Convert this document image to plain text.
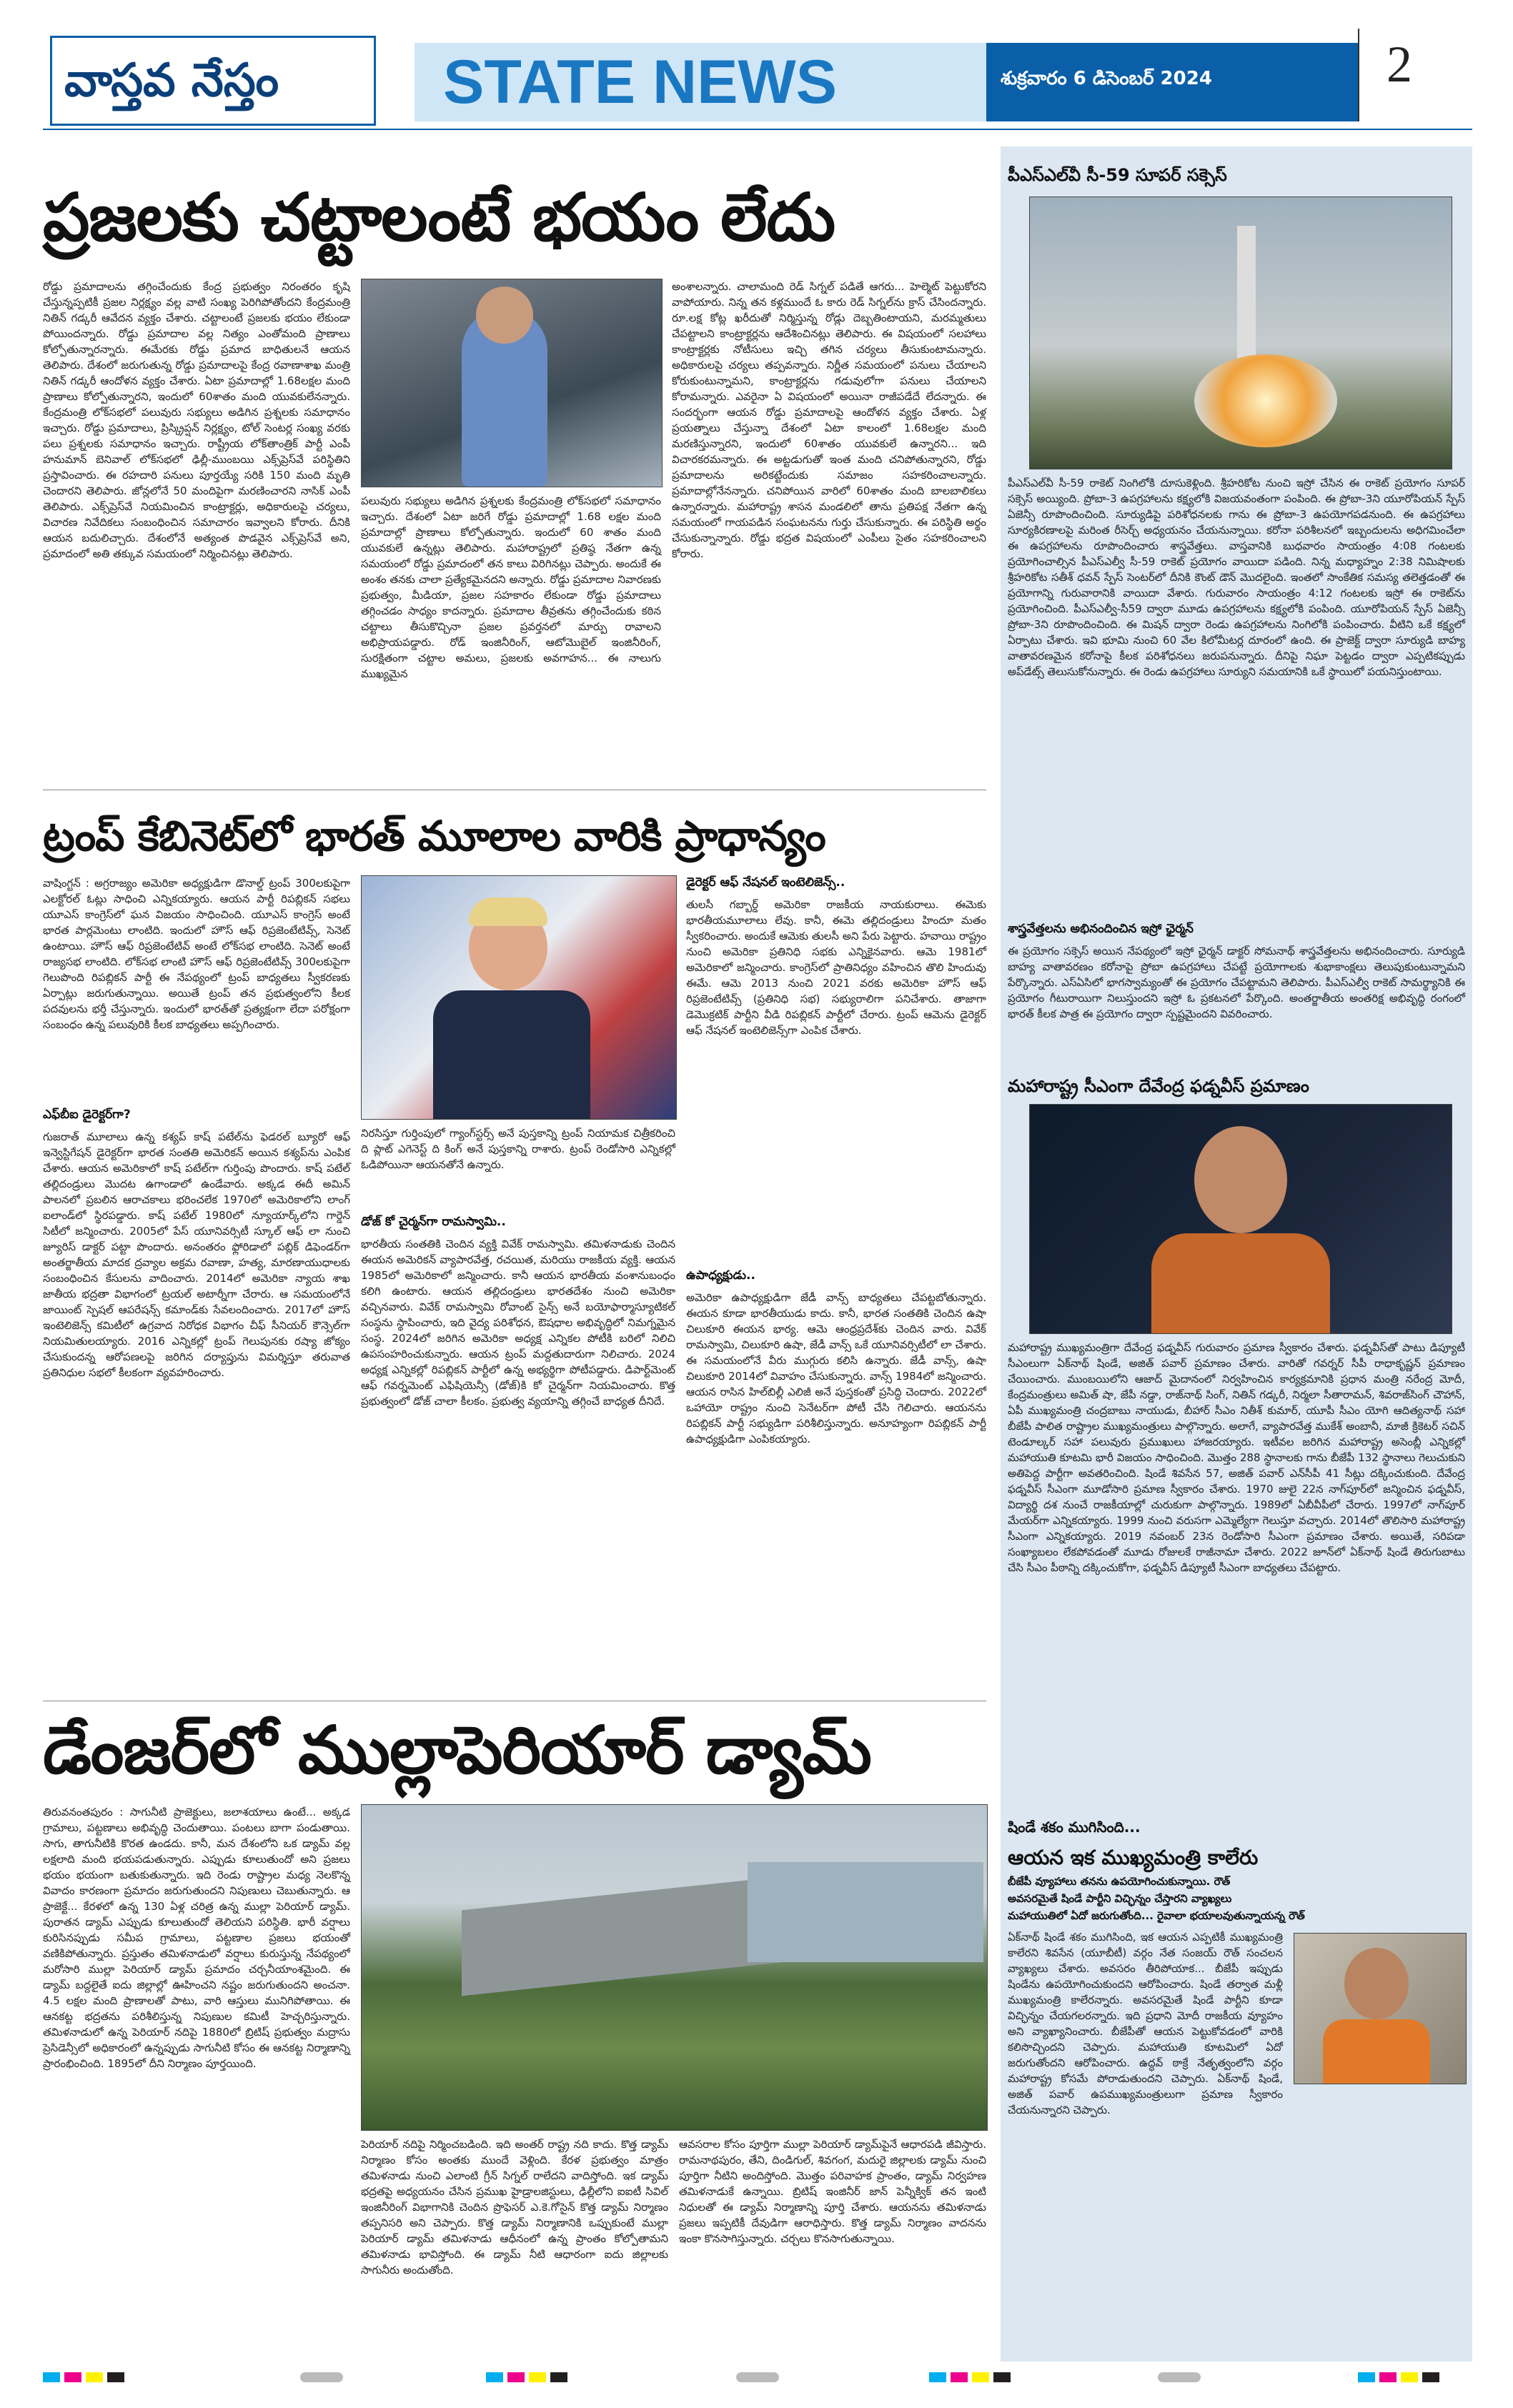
వాస్తవ నేస్తం	STATE NEWS	శుక్రవారం 6 డిసెంబర్ 2024	2
ప్రజలకు చట్టాలంటే భయం లేదు
రోడ్డు ప్రమాదాలను తగ్గించేందుకు కేంద్ర ప్రభుత్వం నిరంతరం కృషి చేస్తున్నప్పటికీ ప్రజల నిర్లక్ష్యం వల్ల వాటి సంఖ్య పెరిగిపోతోందని కేంద్రమంత్రి నితిన్ గడ్కరీ ఆవేదన వ్యక్తం చేశారు. చట్టాలంటే ప్రజలకు భయం లేకుండా పోయిందన్నారు. రోడ్డు ప్రమాదాల వల్ల నిత్యం ఎంతోమంది ప్రాణాలు కోల్పోతున్నారన్నారు. ఈమేరకు రోడ్డు ప్రమాద బాధితులనే ఆయన తెలిపారు. దేశంలో జరుగుతున్న రోడ్డు ప్రమాదాలపై కేంద్ర రవాణాశాఖ మంత్రి నితిన్ గడ్కరీ ఆందోళన వ్యక్తం చేశారు. ఏటా ప్రమాదాల్లో 1.68లక్షల మంది ప్రాణాలు కోల్పోతున్నారని, ఇందులో 60శాతం మంది యువకులేనన్నారు. కేంద్రమంత్రి లోక్‌సభలో పలువురు సభ్యులు అడిగిన ప్రశ్నలకు సమాధానం ఇచ్చారు. రోడ్డు ప్రమాదాలు, ప్రిస్క్రిప్షన్ నిర్లక్ష్యం, టోల్ సెంటర్ల సంఖ్య వరకు పలు ప్రశ్నలకు సమాధానం ఇచ్చారు. రాష్ట్రీయ లోక్‌తాంత్రిక్ పార్టీ ఎంపీ హనుమాన్ బెనివాల్ లోక్‌సభలో ఢిల్లీ-ముంబయి ఎక్స్‌ప్రెస్‌వే పరిస్థితిని ప్రస్తావించారు. ఈ రహదారి పనులు పూర్తయ్యే సరికి 150 మంది మృతి చెందారని తెలిపారు. జోన్లలోనే 50 మందిపైగా మరణించారని నాసిక్ ఎంపీ తెలిపారు. ఎక్స్‌ప్రెస్‌వే నియమించిన కాంట్రాక్టర్లు, అధికారులపై చర్యలు, విచారణ నివేదికలు సంబంధించిన సమాచారం ఇవ్వాలని కోరారు. దీనికి ఆయన బదులిచ్చారు. దేశంలోనే అత్యంత పొడవైన ఎక్స్‌ప్రెస్‌వే అని, ప్రమాదంలో అతి తక్కువ సమయంలో నిర్మించినట్లు తెలిపారు.
పలువురు సభ్యులు అడిగిన ప్రశ్నలకు కేంద్రమంత్రి లోక్‌సభలో సమాధానం ఇచ్చారు. దేశంలో ఏటా జరిగే రోడ్డు ప్రమాదాల్లో 1.68 లక్షల మంది ప్రమాదాల్లో ప్రాణాలు కోల్పోతున్నారు. ఇందులో 60 శాతం మంది యువకులే ఉన్నట్లు తెలిపారు. మహారాష్ట్రలో ప్రతిష్ఠ నేతగా ఉన్న సమయంలో రోడ్డు ప్రమాదంలో తన కాలు విరిగినట్లు చెప్పారు. అందుకే ఈ అంశం తనకు చాలా ప్రత్యేకమైనదని అన్నారు. రోడ్డు ప్రమాదాల నివారణకు ప్రభుత్వం, మీడియా, ప్రజల సహకారం లేకుండా రోడ్డు ప్రమాదాలు తగ్గించడం సాధ్యం కాదన్నారు. ప్రమాదాల తీవ్రతను తగ్గించేందుకు కఠిన చట్టాలు తీసుకొచ్చినా ప్రజల ప్రవర్తనలో మార్పు రావాలని అభిప్రాయపడ్డారు. రోడ్ ఇంజినీరింగ్, ఆటోమొబైల్ ఇంజినీరింగ్, సురక్షితంగా చట్టాల అమలు, ప్రజలకు అవగాహన... ఈ నాలుగు ముఖ్యమైన
అంశాలన్నారు. చాలామంది రెడ్ సిగ్నల్ పడితే ఆగరు... హెల్మెట్ పెట్టుకోరని వాపోయారు. నిన్న తన కళ్లముందే ఓ కారు రెడ్ సిగ్నల్‌ను క్రాస్ చేసిందన్నారు. రూ.లక్ష కోట్ల ఖరీదుతో నిర్మిస్తున్న రోడ్లు దెబ్బతింటాయని, మరమ్మతులు చేపట్టాలని కాంట్రాక్టర్లను ఆదేశించినట్లు తెలిపారు. ఈ విషయంలో సలహాలు కాంట్రాక్టర్లకు నోటీసులు ఇచ్చి తగిన చర్యలు తీసుకుంటామన్నారు. అధికారులపై చర్యలు తప్పవన్నారు. నిర్ణీత సమయంలో పనులు చేయాలని కోరుకుంటున్నామని, కాంట్రాక్టర్లను గడువులోగా పనులు చేయాలని కోరామన్నారు. ఎవరైనా ఏ విషయంలో అయినా రాజీపడేదే లేదన్నారు. ఈ సందర్భంగా ఆయన రోడ్డు ప్రమాదాలపై ఆందోళన వ్యక్తం చేశారు. ఏళ్ల ప్రయత్నాలు చేస్తున్నా దేశంలో ఏటా కాలంలో 1.68లక్షల మంది మరణిస్తున్నారని, ఇందులో 60శాతం యువకులే ఉన్నారని... ఇది విచారకరమన్నారు. ఈ అట్టడుగుతో ఇంత మంది చనిపోతున్నారని, రోడ్డు ప్రమాదాలను అరికట్టేందుకు సమాజం సహకరించాలన్నారు. ప్రమాదాల్లోనేనన్నారు. చనిపోయిన వారిలో 60శాతం మంది బాలబాలికలు ఉన్నారన్నారు. మహారాష్ట్ర శాసన మండలిలో తాను ప్రతిపక్ష నేతగా ఉన్న సమయంలో గాయపడిన సంఘటనను గుర్తు చేసుకున్నారు. ఈ పరిస్థితి అర్థం చేసుకున్నాన్నారు. రోడ్డు భద్రత విషయంలో ఎంపీలు సైతం సహకరించాలని కోరారు.
ట్రంప్ కేబినెట్‌లో భారత్ మూలాల వారికి ప్రాధాన్యం
వాషింగ్టన్ : అగ్రరాజ్యం అమెరికా అధ్యక్షుడిగా డొనాల్డ్ ట్రంప్ 300లకుపైగా ఎలక్టోరల్ ఓట్లు సాధించి ఎన్నికయ్యారు. ఆయన పార్టీ రిపబ్లికన్ సభలు యూఎస్ కాంగ్రెస్‌లో ఘన విజయం సాధించింది. యూఎస్ కాంగ్రెస్ అంటే భారత పార్లమెంటు లాంటిది. ఇందులో హౌస్ ఆఫ్ రిప్రజెంటేటివ్స్, సెనెట్ ఉంటాయి. హౌస్ ఆఫ్ రిప్రజెంటేటివ్ అంటే లోక్‌సభ లాంటిది. సెనెట్ అంటే రాజ్యసభ లాంటిది. లోక్‌సభ లాంటి హౌస్ ఆఫ్ రిప్రజెంటేటివ్స్ 300లకుపైగా గెలుపొంది రిపబ్లికన్ పార్టీ ఈ నేపథ్యంలో ట్రంప్ బాధ్యతలు స్వీకరణకు ఏర్పాట్లు జరుగుతున్నాయి. అయితే ట్రంప్ తన ప్రభుత్వంలోని కీలక పదవులను భర్తీ చేస్తున్నారు. ఇందులో భారత్‌తో ప్రత్యక్షంగా లేదా పరోక్షంగా సంబంధం ఉన్న పలువురికి కీలక బాధ్యతలు అప్పగించారు.
ఎఫ్‌బీఐ డైరెక్టర్‌గా?
గుజరాత్ మూలాలు ఉన్న కశ్యప్ కాష్ పటేల్‌ను ఫెడరల్ బ్యూరో ఆఫ్ ఇన్వెస్టిగేషన్ డైరెక్టర్‌గా భారత సంతతి అమెరికన్ అయిన కశ్యప్‌ను ఎంపిక చేశారు. ఆయన అమెరికాలో కాష్ పటేల్‌గా గుర్తింపు పొందారు. కాష్ పటేల్ తల్లిదండ్రులు మొదట ఉగాండాలో ఉండేవారు. అక్కడ ఈదీ అమిన్ పాలనలో ప్రబలిన ఆరాచకాలు భరించలేక 1970లో అమెరికాలోని లాంగ్ ఐలాండ్‌లో స్థిరపడ్డారు. కాష్ పటేల్ 1980లో న్యూయార్క్‌లోని గార్డెన్ సిటీలో జన్మించారు. 2005లో పేస్ యూనివర్సిటీ స్కూల్ ఆఫ్ లా నుంచి జ్యూరిస్ డాక్టర్ పట్టా పొందారు. అనంతరం ఫ్లోరిడాలో పబ్లిక్ డిఫెండర్‌గా అంతర్జాతీయ మాదక ద్రవ్యాల అక్రమ రవాణా, హత్య, మారణాయుధాలకు సంబంధించిన కేసులను వాదించారు. 2014లో అమెరికా న్యాయ శాఖ జాతీయ భద్రతా విభాగంలో ట్రయల్ అటార్నీగా చేరారు. ఆ సమయంలోనే జాయింట్ స్పెషల్ ఆపరేషన్స్ కమాండ్‌కు సేవలందించారు. 2017లో హౌస్ ఇంటెలిజెన్స్ కమిటీలో ఉగ్రవాద నిరోధక విభాగం చీఫ్ సీనియర్ కౌన్సెల్‌గా నియమితులయ్యారు. 2016 ఎన్నికల్లో ట్రంప్ గెలుపునకు రష్యా జోక్యం చేసుకుందన్న ఆరోపణలపై జరిగిన దర్యాప్తును విమర్శిస్తూ తరువాత ప్రతినిధుల సభలో కీలకంగా వ్యవహరించారు.
నిరసిస్తూ గుర్తింపులో గ్యాంగ్‌స్టర్స్ అనే పుస్తకాన్ని ట్రంప్ నియామక చిత్రీకరించి ది ప్లాట్ ఎగెనెస్ట్ ది కింగ్ అనే పుస్తకాన్ని రాశారు. ట్రంప్ రెండోసారి ఎన్నికల్లో ఓడిపోయినా ఆయనతోనే ఉన్నారు.
డోజ్ కో చైర్మన్‌గా రామస్వామి..
భారతీయ సంతతికి చెందిన వ్యక్తి వివేక్ రామస్వామి. తమిళనాడుకు చెందిన ఈయన అమెరికన్ వ్యాపారవేత్త, రచయిత, మరియు రాజకీయ వ్యక్తి. ఆయన 1985లో అమెరికాలో జన్మించారు. కానీ ఆయన భారతీయ వంశానుబంధం కలిగి ఉంటారు. ఆయన తల్లిదండ్రులు భారతదేశం నుంచి అమెరికా వచ్చినవారు. వివేక్ రామస్వామి రోవాంట్ సైన్స్ అనే బయోఫార్మాస్యూటికల్ సంస్థను స్థాపించారు, ఇది వైద్య పరిశోధన, ఔషధాల అభివృద్ధిలో నిమగ్నమైన సంస్థ. 2024లో జరిగిన అమెరికా అధ్యక్ష ఎన్నికల పోటీకి బరిలో నిలిచి ఉపసంహరించుకున్నారు. ఆయన ట్రంప్ మద్దతుదారుగా నిలిచారు. 2024 అధ్యక్ష ఎన్నికల్లో రిపబ్లికన్ పార్టీలో ఉన్న అభ్యర్థిగా పోటీపడ్డారు. డిపార్ట్‌మెంట్ ఆఫ్ గవర్నమెంట్ ఎఫిషియెన్సీ (డోజ్)కి కో చైర్మన్‌గా నియమించారు. కొత్త ప్రభుత్వంలో డోజ్ చాలా కీలకం. ప్రభుత్వ వ్యయాన్ని తగ్గించే బాధ్యత దీనిదే.
డైరెక్టర్ ఆఫ్ నేషనల్ ఇంటెలిజెన్స్..
తులసీ గబ్బార్డ్ అమెరికా రాజకీయ నాయకురాలు. ఈమెకు భారతీయమూలాలు లేవు. కానీ, ఈమె తల్లిదండ్రులు హిందూ మతం స్వీకరించారు. అందుకే ఆమెకు తులసీ అని పేరు పెట్టారు. హవాయి రాష్ట్రం నుంచి అమెరికా ప్రతినిధి సభకు ఎన్నికైనవారు. ఆమె 1981లో అమెరికాలో జన్మించారు. కాంగ్రెస్‌లో ప్రాతినిధ్యం వహించిన తొలి హిందువు ఈమే. ఆమె 2013 నుంచి 2021 వరకు అమెరికా హౌస్ ఆఫ్ రిప్రజెంటేటివ్స్ (ప్రతినిధి సభ) సభ్యురాలిగా పనిచేశారు. తాజాగా డెమొక్రటిక్ పార్టీని వీడి రిపబ్లికన్ పార్టీలో చేరారు. ట్రంప్ ఆమెను డైరెక్టర్ ఆఫ్ నేషనల్ ఇంటెలిజెన్స్‌గా ఎంపిక చేశారు.
ఉపాధ్యక్షుడు..
అమెరికా ఉపాధ్యక్షుడిగా జేడీ వాన్స్ బాధ్యతలు చేపట్టబోతున్నారు. ఈయన కూడా భారతీయుడు కాదు. కానీ, భారత సంతతికి చెందిన ఉషా చిలుకూరి ఈయన భార్య. ఆమె ఆంధ్రప్రదేశ్‌కు చెందిన వారు. వివేక్ రామస్వామి, చిలుకూరి ఉషా, జేడీ వాన్స్ ఒకే యూనివర్సిటీలో లా చేశారు. ఈ సమయంలోనే వీరు ముగ్గురు కలిసి ఉన్నారు. జేడీ వాన్స్, ఉషా చిలుకూరి 2014లో వివాహం చేసుకున్నారు. వాన్స్ 1984లో జన్మించారు. ఆయన రాసిన హిల్‌బిల్లీ ఎలిజీ అనే పుస్తకంతో ప్రసిద్ధి చెందారు. 2022లో ఒహాయో రాష్ట్రం నుంచి సెనేటర్‌గా పోటీ చేసి గెలిచారు. ఆయనను రిపబ్లికన్ పార్టీ సభ్యుడిగా పరిశీలిస్తున్నారు. అనూహ్యంగా రిపబ్లికన్ పార్టీ ఉపాధ్యక్షుడిగా ఎంపికయ్యారు.
డేంజర్‌లో ముల్లాపెరియార్ డ్యామ్
తిరువనంతపురం : సాగునీటి ప్రాజెక్టులు, జలాశయాలు ఉంటే... అక్కడ గ్రామాలు, పట్టణాలు అభివృద్ధి చెందుతాయి. పంటలు బాగా పండుతాయి. సాగు, తాగునీటికి కొరత ఉండదు. కానీ, మన దేశంలోని ఒక డ్యామ్ వల్ల లక్షలాది మంది భయపడుతున్నారు. ఎప్పుడు కూలుతుందో అని ప్రజలు భయం భయంగా బతుకుతున్నారు. ఇది రెండు రాష్ట్రాల మధ్య నెలకొన్న వివాదం కారణంగా ప్రమాదం జరుగుతుందని నిపుణులు చెబుతున్నారు. ఆ ప్రాజెక్టే... కేరళలో ఉన్న 130 ఏళ్ల చరిత్ర ఉన్న ముల్లా పెరియార్ డ్యామ్. పురాతన డ్యామ్ ఎప్పుడు కూలుతుందో తెలియని పరిస్థితి. భారీ వర్షాలు కురిసినప్పుడు సమీప గ్రామాలు, పట్టణాల ప్రజలు భయంతో వణికిపోతున్నారు. ప్రస్తుతం తమిళనాడులో వర్షాలు కురుస్తున్న నేపథ్యంలో మరోసారి ముల్లా పెరియార్ డ్యామ్ ప్రమాదం చర్చనీయాంశమైంది. ఈ డ్యామ్ బద్దలైతే ఐదు జిల్లాల్లో ఊహించని నష్టం జరుగుతుందని అంచనా. 4.5 లక్షల మంది ప్రాణాలతో పాటు, వారి ఆస్తులు మునిగిపోతాయి. ఈ ఆనకట్ట భద్రతను పరిశీలిస్తున్న నిపుణుల కమిటీ హెచ్చరిస్తున్నారు. తమిళనాడులో ఉన్న పెరియార్ నదిపై 1880లో బ్రిటిష్ ప్రభుత్వం మద్రాసు ప్రెసిడెన్సీలో అధికారంలో ఉన్నప్పుడు సాగునీటి కోసం ఈ ఆనకట్ట నిర్మాణాన్ని ప్రారంభించింది. 1895లో దీని నిర్మాణం పూర్తయింది.
పెరియార్ నదిపై నిర్మించబడింది. ఇది అంతర్ రాష్ట్ర నది కాదు. కొత్త డ్యామ్ నిర్మాణం కోసం అంతకు ముందే వెళ్లింది. కేరళ ప్రభుత్వం మాత్రం తమిళనాడు నుంచి ఎలాంటి గ్రీన్ సిగ్నల్ రాలేదని వాదిస్తోంది. ఇక డ్యామ్ భద్రతపై అధ్యయనం చేసిన ప్రముఖ హైడ్రాలజిస్టులు, ఢిల్లీలోని ఐఐటీ సివిల్ ఇంజినీరింగ్ విభాగానికి చెందిన ప్రొఫెసర్ ఎ.కె.గోసైన్ కొత్త డ్యామ్ నిర్మాణం తప్పనిసరి అని చెప్పారు. కొత్త డ్యామ్ నిర్మాణానికి ఒప్పుకుంటే ముల్లా పెరియార్ డ్యామ్ తమిళనాడు ఆధీనంలో ఉన్న ప్రాంతం కోల్పోతామని తమిళనాడు భావిస్తోంది. ఈ డ్యామ్ నీటి ఆధారంగా ఐదు జిల్లాలకు సాగునీరు అందుతోంది.
ఆవసరాల కోసం పూర్తిగా ముల్లా పెరియార్ డ్యామ్‌పైనే ఆధారపడి జీవిస్తారు. రామనాథపురం, తేని, దిండిగుల్, శివగంగ, మదురై జిల్లాలకు డ్యామ్ నుంచి పూర్తిగా నీటిని అందిస్తోంది. మొత్తం పరివాహక ప్రాంతం, డ్యామ్ నిర్వహణ తమిళనాడుకే ఉన్నాయి. బ్రిటిష్ ఇంజినీర్ జాన్ పెన్నీక్విక్ తన ఇంటి నిధులతో ఈ డ్యామ్ నిర్మాణాన్ని పూర్తి చేశారు. ఆయనను తమిళనాడు ప్రజలు ఇప్పటికీ దేవుడిగా ఆరాధిస్తారు. కొత్త డ్యామ్ నిర్మాణం వాదనను ఇంకా కొనసాగిస్తున్నారు. చర్చలు కొనసాగుతున్నాయి.
పీఎస్ఎల్‌వీ సీ-59 సూపర్ సక్సెస్
పీఎస్ఎల్‌వీ సీ-59 రాకెట్ నింగిలోకి దూసుకెళ్లింది. శ్రీహరికోట నుంచి ఇస్రో చేసిన ఈ రాకెట్ ప్రయోగం సూపర్ సక్సెస్ అయ్యింది. ప్రోబా-3 ఉపగ్రహాలను కక్ష్యలోకి విజయవంతంగా పంపింది. ఈ ప్రోబా-3ని యూరోపియన్ స్పేస్ ఏజెన్సీ రూపొందించింది. సూర్యుడిపై పరిశోధనలకు గాను ఈ ప్రోబా-3 ఉపయోగపడనుంది. ఈ ఉపగ్రహాలు సూర్యకిరణాలపై మరింత రీసెర్చ్ అధ్యయనం చేయనున్నాయి. కరోనా పరిశీలనలో ఇబ్బందులను అధిగమించేలా ఈ ఉపగ్రహాలను రూపొందించారు శాస్త్రవేత్తలు. వాస్తవానికి బుధవారం సాయంత్రం 4:08 గంటలకు ప్రయోగించాల్సిన పీఎస్ఎల్వీ సీ-59 రాకెట్ ప్రయోగం వాయిదా పడింది. నిన్న మధ్యాహ్నం 2:38 నిమిషాలకు శ్రీహరికోట సతీశ్ ధవన్ స్పేస్ సెంటర్‌లో దీనికి కౌంట్ డౌన్ మొదలైంది. ఇంతలో సాంకేతిక సమస్య తలెత్తడంతో ఈ ప్రయోగాన్ని గురువారానికి వాయిదా వేశారు. గురువారం సాయంత్రం 4:12 గంటలకు ఇస్రో ఈ రాకెట్‌ను ప్రయోగించింది. పీఎస్ఎల్వీ-సీ59 ద్వారా మూడు ఉపగ్రహాలను కక్ష్యలోకి పంపింది. యూరోపియన్ స్పేస్ ఏజెన్సీ ప్రోబా-3ని రూపొందించింది. ఈ మిషన్ ద్వారా రెండు ఉపగ్రహాలను నింగిలోకి పంపించారు. వీటిని ఒకే కక్ష్యలో ఏర్పాటు చేశారు. ఇవి భూమి నుంచి 60 వేల కిలోమీటర్ల దూరంలో ఉంది. ఈ ప్రాజెక్ట్ ద్వారా సూర్యుడి బాహ్య వాతావరణమైన కరోనాపై కీలక పరిశోధనలు జరుపనున్నారు. దీనిపై నిఘా పెట్టడం ద్వారా ఎప్పటికప్పుడు అప్‌డేట్స్ తెలుసుకోనున్నారు. ఈ రెండు ఉపగ్రహాలు సూర్యుని సమయానికి ఒకే స్థాయిలో పయనిస్తుంటాయి.
శాస్త్రవేత్తలను అభినందించిన ఇస్రో ఛైర్మన్
ఈ ప్రయోగం సక్సెస్ అయిన నేపథ్యంలో ఇస్రో ఛైర్మన్ డాక్టర్ సోమనాథ్ శాస్త్రవేత్తలను అభినందించారు. సూర్యుడి బాహ్య వాతావరణం కరోనాపై ప్రోబా ఉపగ్రహాలు చేపట్టే ప్రయోగాలకు శుభాకాంక్షలు తెలుపుకుంటున్నామని పేర్కొన్నారు. ఎస్ఏసిలో భాగస్వామ్యంతో ఈ ప్రయోగం చేపట్టామని తెలిపారు. పీఎస్ఎల్వీ రాకెట్ సామర్థ్యానికి ఈ ప్రయోగం గీటురాయిగా నిలుస్తుందని ఇస్రో ఓ ప్రకటనలో పేర్కొంది. అంతర్జాతీయ అంతరిక్ష అభివృద్ధి రంగంలో భారత్ కీలక పాత్ర ఈ ప్రయోగం ద్వారా స్పష్టమైందని వివరించారు.
మహారాష్ట్ర సీఎంగా దేవేంద్ర ఫడ్నవీస్ ప్రమాణం
మహారాష్ట్ర ముఖ్యమంత్రిగా దేవేంద్ర ఫడ్నవీస్ గురువారం ప్రమాణ స్వీకారం చేశారు. ఫడ్నవీస్‌తో పాటు డిప్యూటీ సీఎంలుగా ఏక్‌నాథ్ షిండే, అజిత్ పవార్ ప్రమాణం చేశారు. వారితో గవర్నర్ సీపీ రాధాకృష్ణన్ ప్రమాణం చేయించారు. ముంబయిలోని ఆజాద్ మైదానంలో నిర్వహించిన కార్యక్రమానికి ప్రధాన మంత్రి నరేంద్ర మోదీ, కేంద్రమంత్రులు అమిత్ షా, జేపీ నడ్డా, రాజ్‌నాథ్ సింగ్, నితిన్ గడ్కరీ, నిర్మలా సీతారామన్, శివరాజ్‌సింగ్ చౌహాన్, ఏపీ ముఖ్యమంత్రి చంద్రబాబు నాయుడు, బీహార్ సీఎం నితీశ్ కుమార్, యూపీ సీఎం యోగి ఆదిత్యనాథ్ సహా బీజేపీ పాలిత రాష్ట్రాల ముఖ్యమంత్రులు పాల్గొన్నారు. అలాగే, వ్యాపారవేత్త ముకేశ్ అంబానీ, మాజీ క్రికెటర్ సచిన్ టెండూల్కర్ సహా పలువురు ప్రముఖులు హాజరయ్యారు. ఇటీవల జరిగిన మహారాష్ట్ర అసెంబ్లీ ఎన్నికల్లో మహాయుతి కూటమి భారీ విజయం సాధించింది. మొత్తం 288 స్థానాలకు గాను బీజేపీ 132 స్థానాలు గెలుచుకుని అతిపెద్ద పార్టీగా అవతరించింది. షిండే శివసేన 57, అజిత్ పవార్ ఎన్‌సీపీ 41 సీట్లు దక్కించుకుంది. దేవేంద్ర ఫడ్నవీస్ సీఎంగా మూడోసారి ప్రమాణ స్వీకారం చేశారు. 1970 జులై 22న నాగ్‌పూర్‌లో జన్మించిన ఫడ్నవీస్, విద్యార్థి దశ నుంచే రాజకీయాల్లో చురుకుగా పాల్గొన్నారు. 1989లో ఏబీవీపీలో చేరారు. 1997లో నాగ్‌పూర్ మేయర్‌గా ఎన్నికయ్యారు. 1999 నుంచి వరుసగా ఎమ్మెల్యేగా గెలుస్తూ వచ్చారు. 2014లో తొలిసారి మహారాష్ట్ర సీఎంగా ఎన్నికయ్యారు. 2019 నవంబర్ 23న రెండోసారి సీఎంగా ప్రమాణం చేశారు. అయితే, సరిపడా సంఖ్యాబలం లేకపోవడంతో మూడు రోజులకే రాజీనామా చేశారు. 2022 జూన్‌లో ఏక్‌నాథ్ షిండే తిరుగుబాటు చేసి సీఎం పీఠాన్ని దక్కించుకోగా, ఫడ్నవీస్ డిప్యూటీ సీఎంగా బాధ్యతలు చేపట్టారు.
షిండే శకం ముగిసింది...
ఆయన ఇక ముఖ్యమంత్రి కాలేరు
బీజేపీ వ్యూహాలు తనను ఉపయోగించుకున్నాయి. రౌత్
అవసరమైతే షిండే పార్టీని విచ్ఛిన్నం చేస్తారని వ్యాఖ్యలు
మహాయుతిలో ఏదో జరుగుతోంది... రైవాలా భయాలవుతున్నాయన్న రౌత్
ఏక్‌నాథ్ షిండే శకం ముగిసింది, ఇక ఆయన ఎప్పటికీ ముఖ్యమంత్రి కాలేరని శివసేన (యూబీటీ) వర్గం నేత సంజయ్ రౌత్ సంచలన వ్యాఖ్యలు చేశారు. అవసరం తీరిపోయాక... బీజేపీ ఇప్పుడు షిండేను ఉపయోగించుకుందని ఆరోపించారు. షిండే తర్వాత మళ్లీ ముఖ్యమంత్రి కాలేరన్నారు. అవసరమైతే షిండే పార్టీని కూడా విచ్ఛిన్నం చేయగలరన్నారు. ఇది ప్రధాని మోదీ రాజకీయ వ్యూహం అని వ్యాఖ్యానించారు. బీజేపీతో ఆయన పెట్టుకోవడంలో వారికి కలిసొచ్చిందని చెప్పారు. మహాయుతి కూటమిలో ఏదో జరుగుతోందని ఆరోపించారు. ఉద్ధవ్ ఠాక్రే నేతృత్వంలోని వర్గం మహారాష్ట్ర కోసమే పోరాడుతుందని చెప్పారు. ఏక్‌నాథ్ షిండే, అజిత్ పవార్ ఉపముఖ్యమంత్రులుగా ప్రమాణ స్వీకారం చేయనున్నారని చెప్పారు.
